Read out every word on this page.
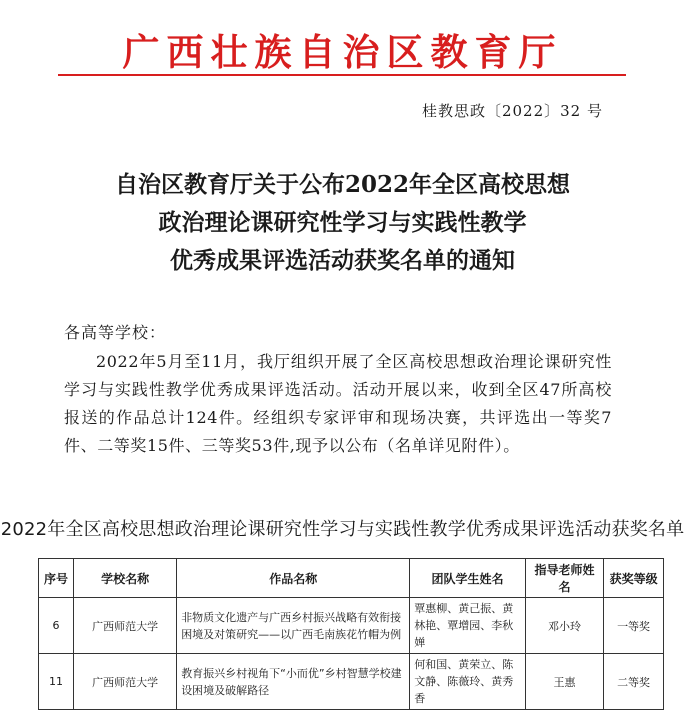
广西壮族自治区教育厅
桂教思政〔2022〕32 号
自治区教育厅关于公布2022年全区高校思想
政治理论课研究性学习与实践性教学
优秀成果评选活动获奖名单的通知
各高等学校：

2022年5月至11月，我厅组织开展了全区高校思想政治理论课研究性学习与实践性教学优秀成果评选活动。活动开展以来，收到全区47所高校报送的作品总计124件。经组织专家评审和现场决赛，共评选出一等奖7件、二等奖15件、三等奖53件,现予以公布（名单详见附件）。

2022年全区高校思想政治理论课研究性学习与实践性教学优秀成果评选活动获奖名单
序号	学校名称	作品名称	团队学生姓名	指导老师姓名	获奖等级
6	广西师范大学	非物质文化遗产与广西乡村振兴战略有效衔接困境及对策研究——以广西毛南族花竹帽为例	覃惠柳、黄己振、黄林艳、覃增园、李秋婵	邓小玲	一等奖
11	广西师范大学	教育振兴乡村视角下“小而优”乡村智慧学校建设困境及破解路径	何和国、黄荣立、陈文静、陈薇玲、黄秀香	王惠	二等奖
